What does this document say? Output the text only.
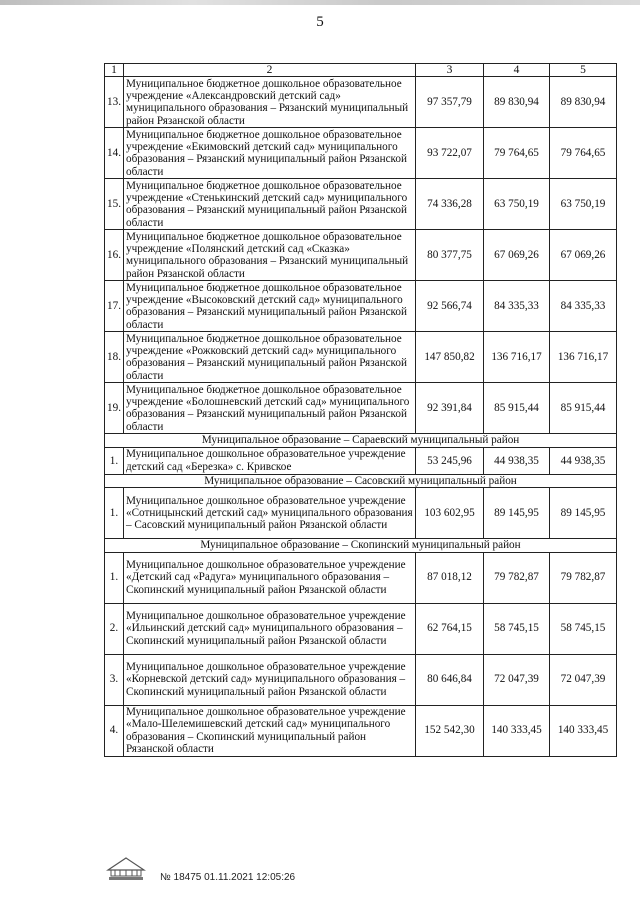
5
1	2	3	4	5
13.	Муниципальное бюджетное дошкольное образовательное учреждение «Александровский детский сад» муниципального образования – Рязанский муниципальный район Рязанской области	97 357,79	89 830,94	89 830,94
14.	Муниципальное бюджетное дошкольное образовательное учреждение «Екимовский детский сад» муниципального образования – Рязанский муниципальный район Рязанской области	93 722,07	79 764,65	79 764,65
15.	Муниципальное бюджетное дошкольное образовательное учреждение «Стенькинский детский сад» муниципального образования – Рязанский муниципальный район Рязанской области	74 336,28	63 750,19	63 750,19
16.	Муниципальное бюджетное дошкольное образовательное учреждение «Полянский детский сад «Сказка» муниципального образования – Рязанский муниципальный район Рязанской области	80 377,75	67 069,26	67 069,26
17.	Муниципальное бюджетное дошкольное образовательное учреждение «Высоковский детский сад» муниципального образования – Рязанский муниципальный район Рязанской области	92 566,74	84 335,33	84 335,33
18.	Муниципальное бюджетное дошкольное образовательное учреждение «Рожковский детский сад» муниципального образования – Рязанский муниципальный район Рязанской области	147 850,82	136 716,17	136 716,17
19.	Муниципальное бюджетное дошкольное образовательное учреждение «Болошневский детский сад» муниципального образования – Рязанский муниципальный район Рязанской области	92 391,84	85 915,44	85 915,44
Муниципальное образование – Сараевский муниципальный район				
1.	Муниципальное дошкольное образовательное учреждение детский сад «Березка» с. Кривское	53 245,96	44 938,35	44 938,35
Муниципальное образование – Сасовский муниципальный район				
1.	Муниципальное дошкольное образовательное учреждение «Сотницынский детский сад» муниципального образования – Сасовский муниципальный район Рязанской области	103 602,95	89 145,95	89 145,95
Муниципальное образование – Скопинский муниципальный район				
1.	Муниципальное дошкольное образовательное учреждение «Детский сад «Радуга» муниципального образования – Скопинский муниципальный район Рязанской области	87 018,12	79 782,87	79 782,87
2.	Муниципальное дошкольное образовательное учреждение «Ильинский детский сад» муниципального образования – Скопинский муниципальный район Рязанской области	62 764,15	58 745,15	58 745,15
3.	Муниципальное дошкольное образовательное учреждение «Корневской детский сад» муниципального образования – Скопинский муниципальный район Рязанской области	80 646,84	72 047,39	72 047,39
4.	Муниципальное дошкольное образовательное учреждение «Мало-Шелемишевский детский сад» муниципального образования – Скопинский муниципальный район Рязанской области	152 542,30	140 333,45	140 333,45
№ 18475 01.11.2021 12:05:26
